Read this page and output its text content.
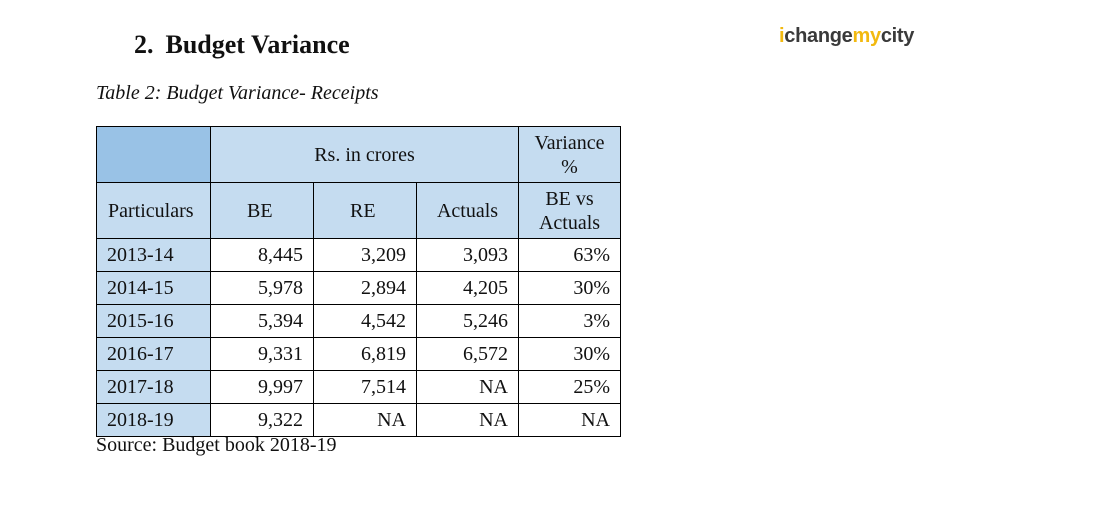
2. Budget Variance	ichangemycity
Table 2: Budget Variance- Receipts
	Rs. in crores			Variance %
Particulars	BE	RE	Actuals	BE vs Actuals
2013-14	8,445	3,209	3,093	63%
2014-15	5,978	2,894	4,205	30%
2015-16	5,394	4,542	5,246	3%
2016-17	9,331	6,819	6,572	30%
2017-18	9,997	7,514	NA	25%
2018-19	9,322	NA	NA	NA
Source: Budget book 2018-19
